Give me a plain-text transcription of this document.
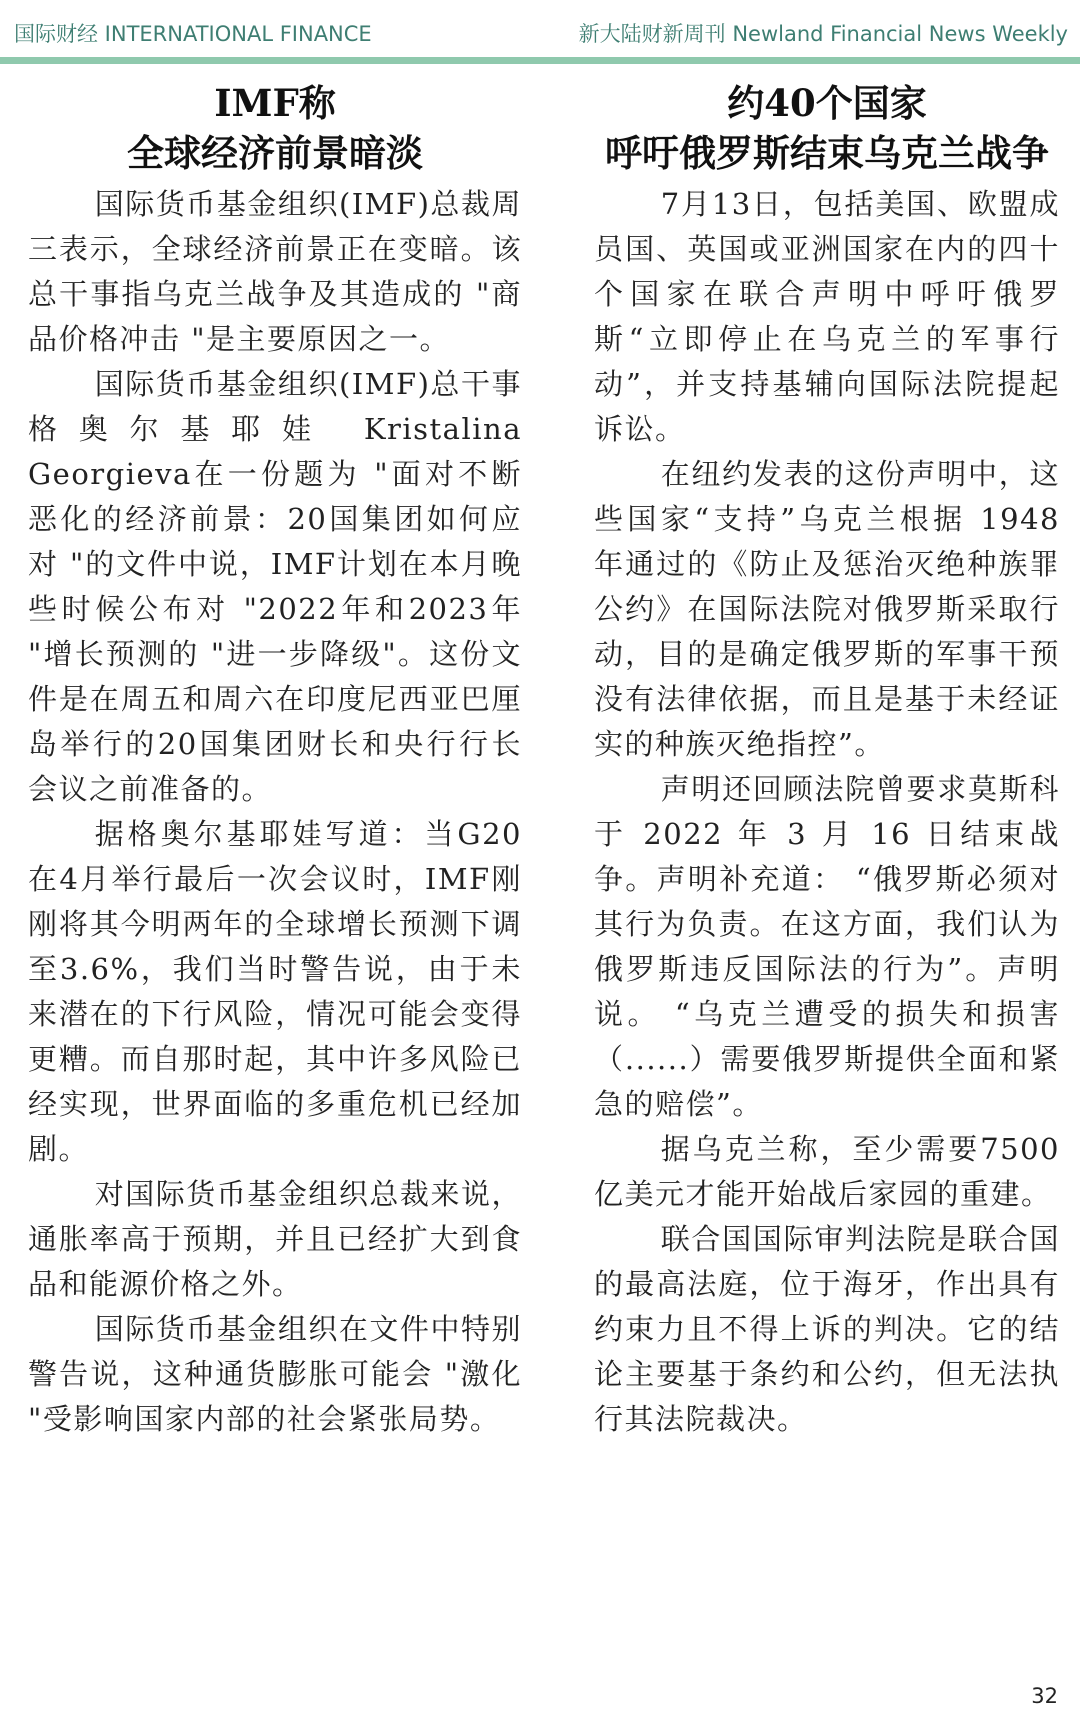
国际财经 INTERNATIONAL FINANCE	新大陆财新周刊 Newland Financial News Weekly
IMF称
全球经济前景暗淡

国际货币基金组织(IMF)总裁周三表示，全球经济前景正在变暗。该总干事指乌克兰战争及其造成的 "商品价格冲击 "是主要原因之一。

国际货币基金组织(IMF)总干事格奥尔基耶娃 Kristalina Georgieva在一份题为 "面对不断恶化的经济前景：20国集团如何应对 "的文件中说，IMF计划在本月晚些时候公布对 "2022年和2023年 "增长预测的 "进一步降级"。这份文件是在周五和周六在印度尼西亚巴厘岛举行的20国集团财长和央行行长会议之前准备的。

据格奥尔基耶娃写道：当G20在4月举行最后一次会议时，IMF刚刚将其今明两年的全球增长预测下调至3.6%，我们当时警告说，由于未来潜在的下行风险，情况可能会变得更糟。而自那时起，其中许多风险已经实现，世界面临的多重危机已经加剧。

对国际货币基金组织总裁来说，通胀率高于预期，并且已经扩大到食品和能源价格之外。

国际货币基金组织在文件中特别警告说，这种通货膨胀可能会 "激化 "受影响国家内部的社会紧张局势。

约40个国家
呼吁俄罗斯结束乌克兰战争

7月13日，包括美国、欧盟成员国、英国或亚洲国家在内的四十个国家在联合声明中呼吁俄罗斯“立即停止在乌克兰的军事行动”，并支持基辅向国际法院提起诉讼。

在纽约发表的这份声明中，这些国家“支持”乌克兰根据 1948 年通过的《防止及惩治灭绝种族罪公约》在国际法院对俄罗斯采取行动，目的是确定俄罗斯的军事干预没有法律依据，而且是基于未经证实的种族灭绝指控”。

声明还回顾法院曾要求莫斯科于 2022 年 3 月 16 日结束战争。声明补充道： “俄罗斯必须对其行为负责。在这方面，我们认为俄罗斯违反国际法的行为”。声明说。 “乌克兰遭受的损失和损害（......）需要俄罗斯提供全面和紧急的赔偿”。

据乌克兰称，至少需要7500亿美元才能开始战后家园的重建。

联合国国际审判法院是联合国的最高法庭，位于海牙，作出具有约束力且不得上诉的判决。它的结论主要基于条约和公约，但无法执行其法院裁决。

32
